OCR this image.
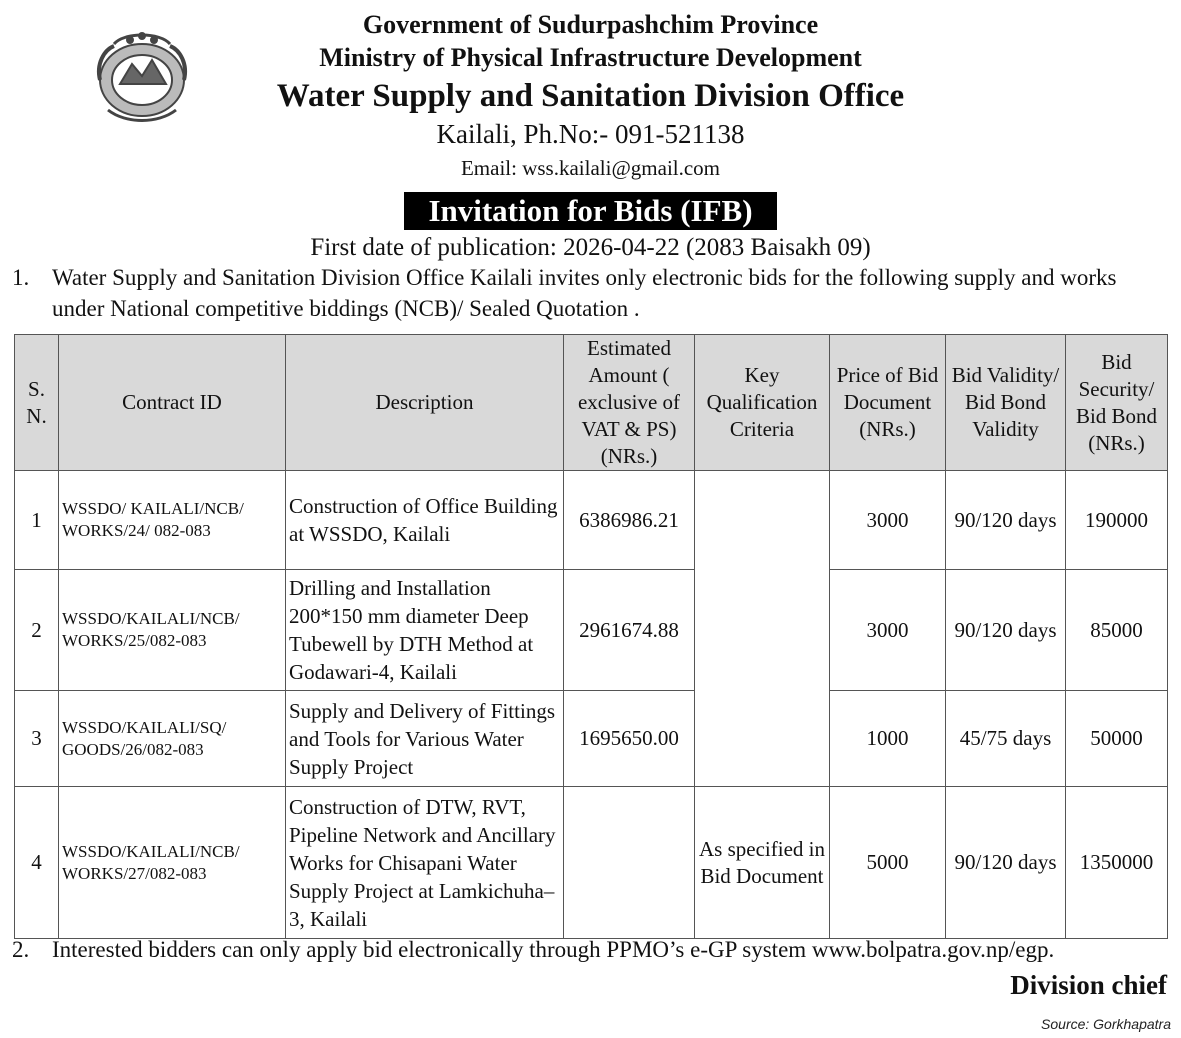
Government of Sudurpashchim Province
Ministry of Physical Infrastructure Development
Water Supply and Sanitation Division Office
Kailali, Ph.No:- 091-521138
Email: wss.kailali@gmail.com
Invitation for Bids (IFB)
First date of publication: 2026-04-22 (2083 Baisakh 09)
1. Water Supply and Sanitation Division Office Kailali invites only electronic bids for the following supply and works under National competitive biddings (NCB)/ Sealed Quotation .
S. N.	Contract ID	Description	Estimated Amount ( exclusive of VAT & PS) (NRs.)	Key Qualification Criteria	Price of Bid Document (NRs.)	Bid Validity/ Bid Bond Validity	Bid Security/ Bid Bond (NRs.)
1	WSSDO/ KAILALI/NCB/ WORKS/24/ 082-083	Construction of Office Building at WSSDO, Kailali	6386986.21		3000	90/120 days	190000
2	WSSDO/KAILALI/NCB/ WORKS/25/082-083	Drilling and Installation 200*150 mm diameter Deep Tubewell by DTH Method at Godawari-4, Kailali	2961674.88		3000	90/120 days	85000
3	WSSDO/KAILALI/SQ/ GOODS/26/082-083	Supply and Delivery of Fittings and Tools for Various Water Supply Project	1695650.00		1000	45/75 days	50000
4	WSSDO/KAILALI/NCB/ WORKS/27/082-083	Construction of DTW, RVT, Pipeline Network and Ancillary Works for Chisapani Water Supply Project at Lamkichuha–3, Kailali		As specified in Bid Document	5000	90/120 days	1350000
2. Interested bidders can only apply bid electronically through PPMO’s e-GP system www.bolpatra.gov.np/egp.
Division chief
Source: Gorkhapatra
